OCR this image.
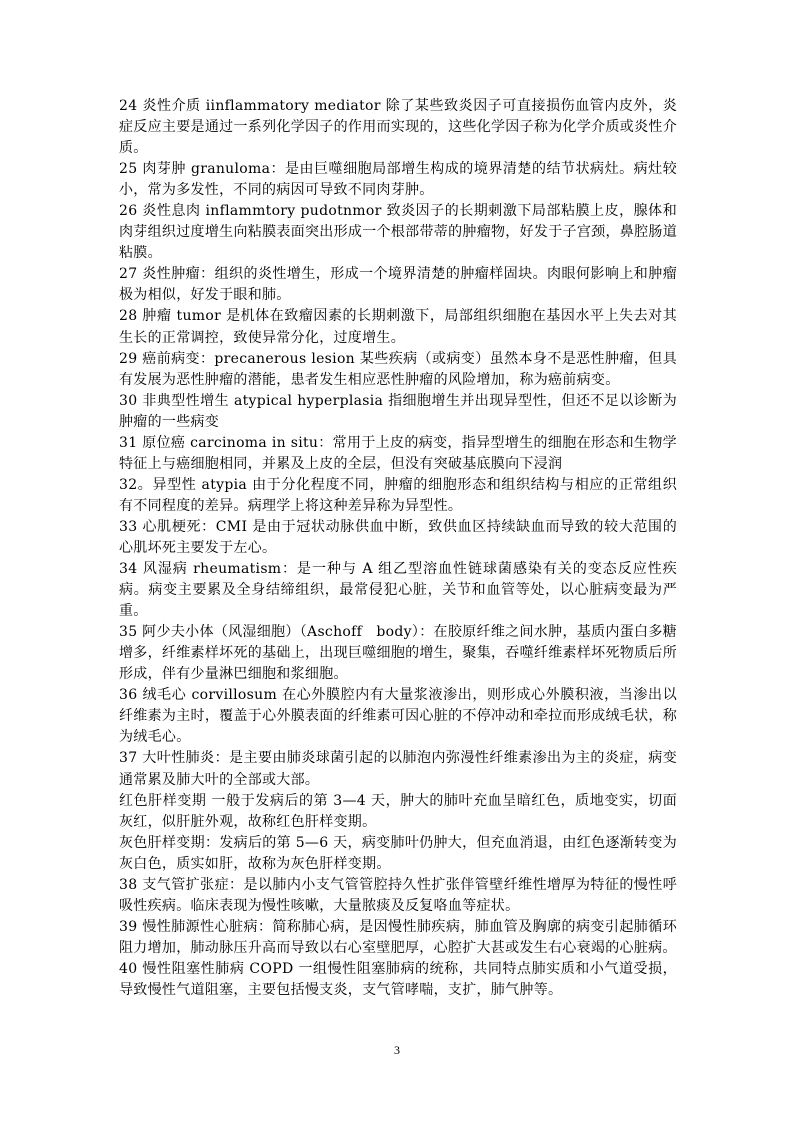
24 炎性介质 iinflammatory mediator 除了某些致炎因子可直接损伤血管内皮外，炎症反应主要是通过一系列化学因子的作用而实现的，这些化学因子称为化学介质或炎性介质。

25 肉芽肿 granuloma：是由巨噬细胞局部增生构成的境界清楚的结节状病灶。病灶较小，常为多发性，不同的病因可导致不同肉芽肿。

26 炎性息肉 inflammtory pudotnmor 致炎因子的长期刺激下局部粘膜上皮，腺体和肉芽组织过度增生向粘膜表面突出形成一个根部带蒂的肿瘤物，好发于子宫颈，鼻腔肠道粘膜。

27 炎性肿瘤：组织的炎性增生，形成一个境界清楚的肿瘤样固块。肉眼何影响上和肿瘤极为相似，好发于眼和肺。

28 肿瘤 tumor 是机体在致瘤因素的长期刺激下，局部组织细胞在基因水平上失去对其生长的正常调控，致使异常分化，过度增生。

29 癌前病变：precanerous lesion 某些疾病（或病变）虽然本身不是恶性肿瘤，但具有发展为恶性肿瘤的潜能，患者发生相应恶性肿瘤的风险增加，称为癌前病变。

30 非典型性增生 atypical hyperplasia 指细胞增生并出现异型性，但还不足以诊断为肿瘤的一些病变

31 原位癌 carcinoma in situ：常用于上皮的病变，指异型增生的细胞在形态和生物学特征上与癌细胞相同，并累及上皮的全层，但没有突破基底膜向下浸润

32。异型性 atypia 由于分化程度不同，肿瘤的细胞形态和组织结构与相应的正常组织有不同程度的差异。病理学上将这种差异称为异型性。

33 心肌梗死：CMI 是由于冠状动脉供血中断，致供血区持续缺血而导致的较大范围的心肌坏死主要发于左心。

34 风湿病 rheumatism：是一种与 A 组乙型溶血性链球菌感染有关的变态反应性疾病。病变主要累及全身结缔组织，最常侵犯心脏，关节和血管等处，以心脏病变最为严重。

35 阿少夫小体（风湿细胞）（Aschoff　body）：在胶原纤维之间水肿，基质内蛋白多糖增多，纤维素样坏死的基础上，出现巨噬细胞的增生，聚集，吞噬纤维素样坏死物质后所形成，伴有少量淋巴细胞和浆细胞。

36 绒毛心 corvillosum 在心外膜腔内有大量浆液渗出，则形成心外膜积液，当渗出以纤维素为主时，覆盖于心外膜表面的纤维素可因心脏的不停冲动和牵拉而形成绒毛状，称为绒毛心。

37 大叶性肺炎：是主要由肺炎球菌引起的以肺泡内弥漫性纤维素渗出为主的炎症，病变通常累及肺大叶的全部或大部。

红色肝样变期 一般于发病后的第 3—4 天，肿大的肺叶充血呈暗红色，质地变实，切面灰红，似肝脏外观，故称红色肝样变期。

灰色肝样变期：发病后的第 5—6 天，病变肺叶仍肿大，但充血消退，由红色逐渐转变为灰白色，质实如肝，故称为灰色肝样变期。

38 支气管扩张症：是以肺内小支气管管腔持久性扩张伴管壁纤维性增厚为特征的慢性呼吸性疾病。临床表现为慢性咳嗽，大量脓痰及反复咯血等症状。

39 慢性肺源性心脏病：简称肺心病，是因慢性肺疾病，肺血管及胸廓的病变引起肺循环阻力增加，肺动脉压升高而导致以右心室壁肥厚，心腔扩大甚或发生右心衰竭的心脏病。

40 慢性阻塞性肺病 COPD 一组慢性阻塞肺病的统称，共同特点肺实质和小气道受损，导致慢性气道阻塞，主要包括慢支炎，支气管哮喘，支扩，肺气肿等。

3
